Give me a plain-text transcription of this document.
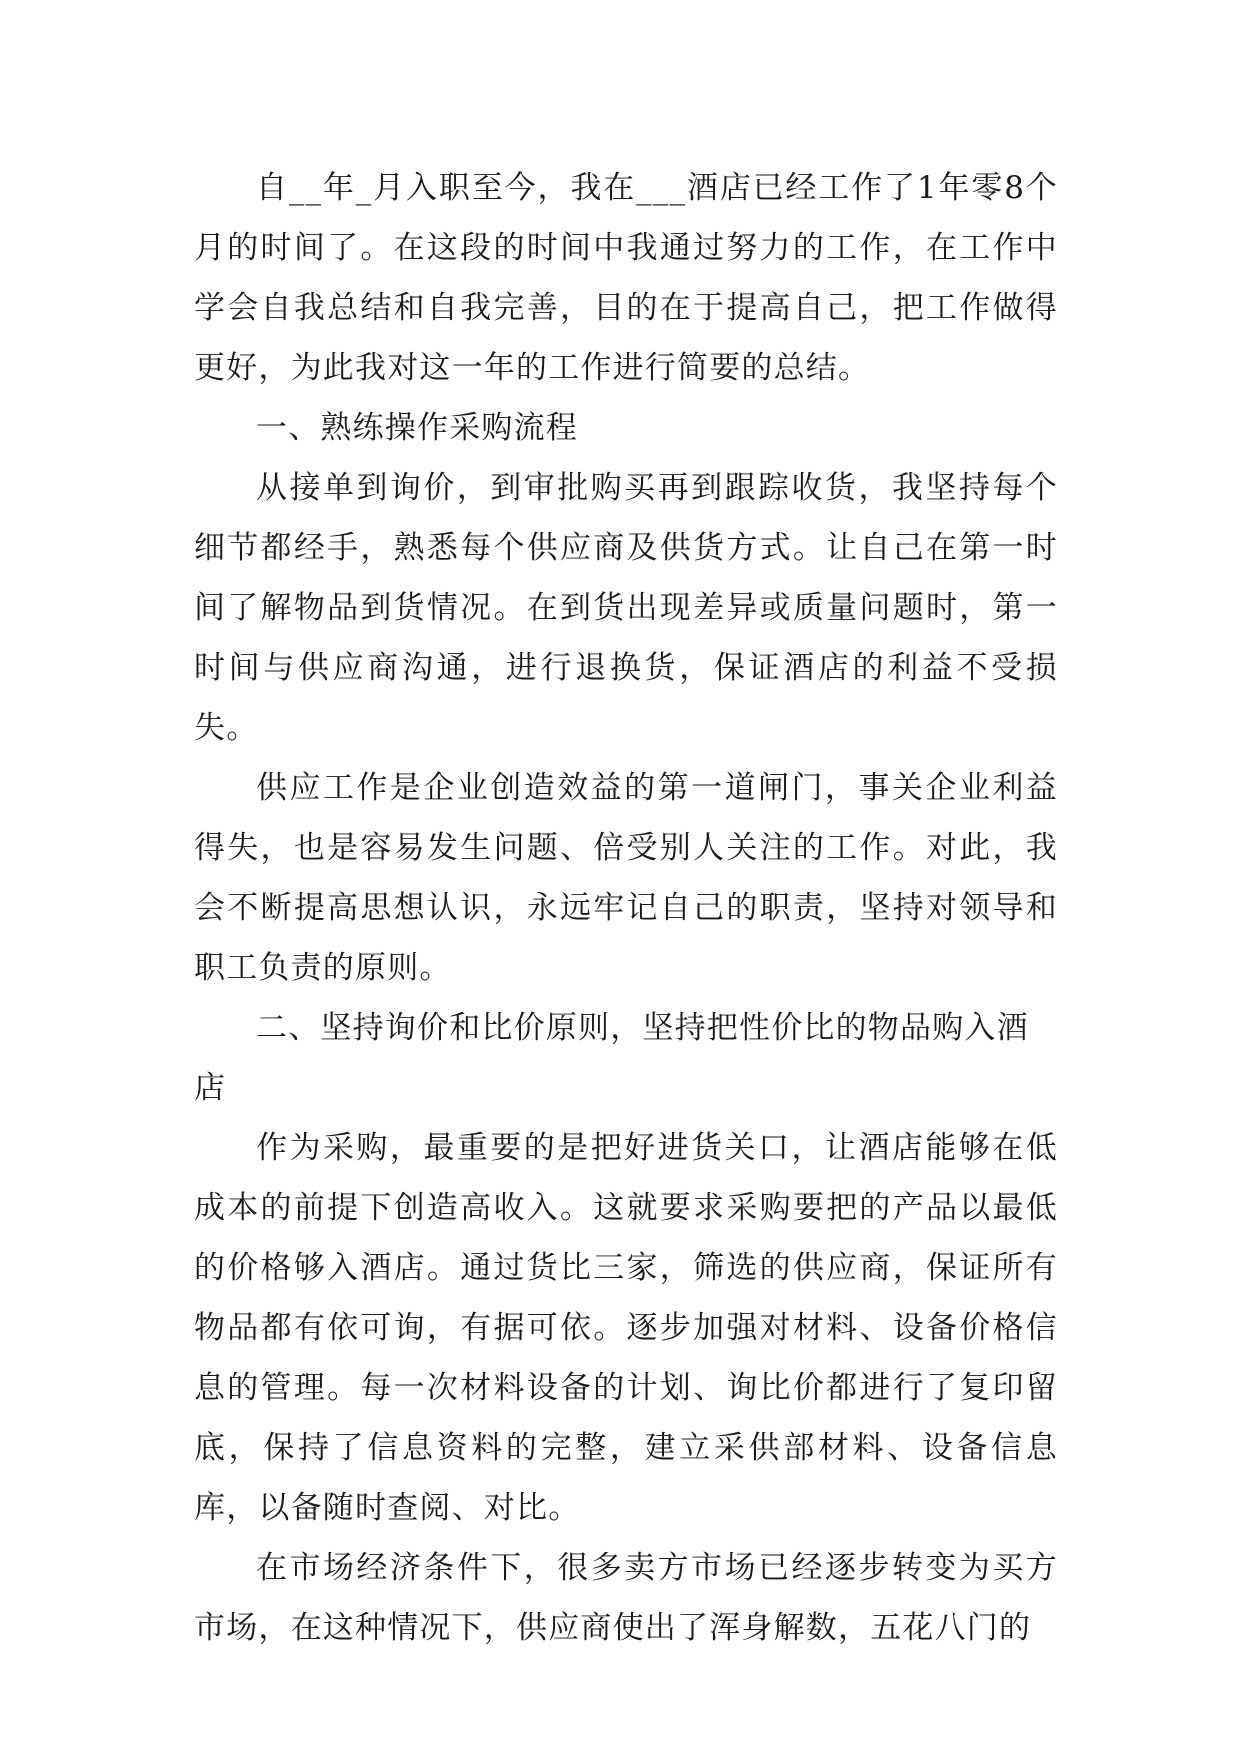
自__年_月入职至今，我在___酒店已经工作了1年零8个月的时间了。在这段的时间中我通过努力的工作，在工作中学会自我总结和自我完善，目的在于提高自己，把工作做得更好，为此我对这一年的工作进行简要的总结。

一、熟练操作采购流程

从接单到询价，到审批购买再到跟踪收货，我坚持每个细节都经手，熟悉每个供应商及供货方式。让自己在第一时间了解物品到货情况。在到货出现差异或质量问题时，第一时间与供应商沟通，进行退换货，保证酒店的利益不受损失。

供应工作是企业创造效益的第一道闸门，事关企业利益得失，也是容易发生问题、倍受别人关注的工作。对此，我会不断提高思想认识，永远牢记自己的职责，坚持对领导和职工负责的原则。

二、坚持询价和比价原则，坚持把性价比的物品购入酒店

作为采购，最重要的是把好进货关口，让酒店能够在低成本的前提下创造高收入。这就要求采购要把的产品以最低的价格够入酒店。通过货比三家，筛选的供应商，保证所有物品都有依可询，有据可依。逐步加强对材料、设备价格信息的管理。每一次材料设备的计划、询比价都进行了复印留底，保持了信息资料的完整，建立采供部材料、设备信息库，以备随时查阅、对比。

在市场经济条件下，很多卖方市场已经逐步转变为买方市场，在这种情况下，供应商使出了浑身解数，五花八门的
